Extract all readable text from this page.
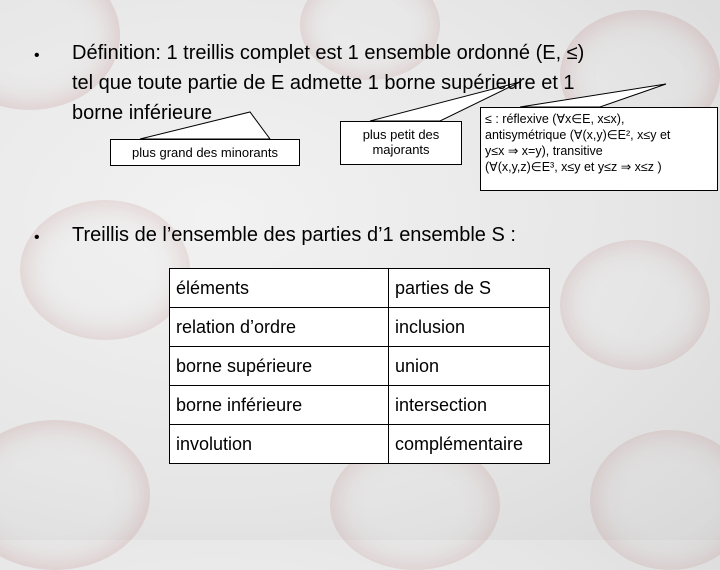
• Définition: 1 treillis complet est 1 ensemble ordonné (E, ≤)
tel que toute partie de E admette 1 borne supérieure et 1
borne inférieure
plus grand des minorants
plus petit des
majorants
≤ : réflexive (∀x∈E, x≤x),
antisymétrique (∀(x,y)∈E², x≤y et
y≤x ⇒ x=y), transitive
(∀(x,y,z)∈E³, x≤y et y≤z ⇒ x≤z )
• Treillis de l’ensemble des parties d’1 ensemble S :
éléments	parties de S
relation d’ordre	inclusion
borne supérieure	union
borne inférieure	intersection
involution	complémentaire
